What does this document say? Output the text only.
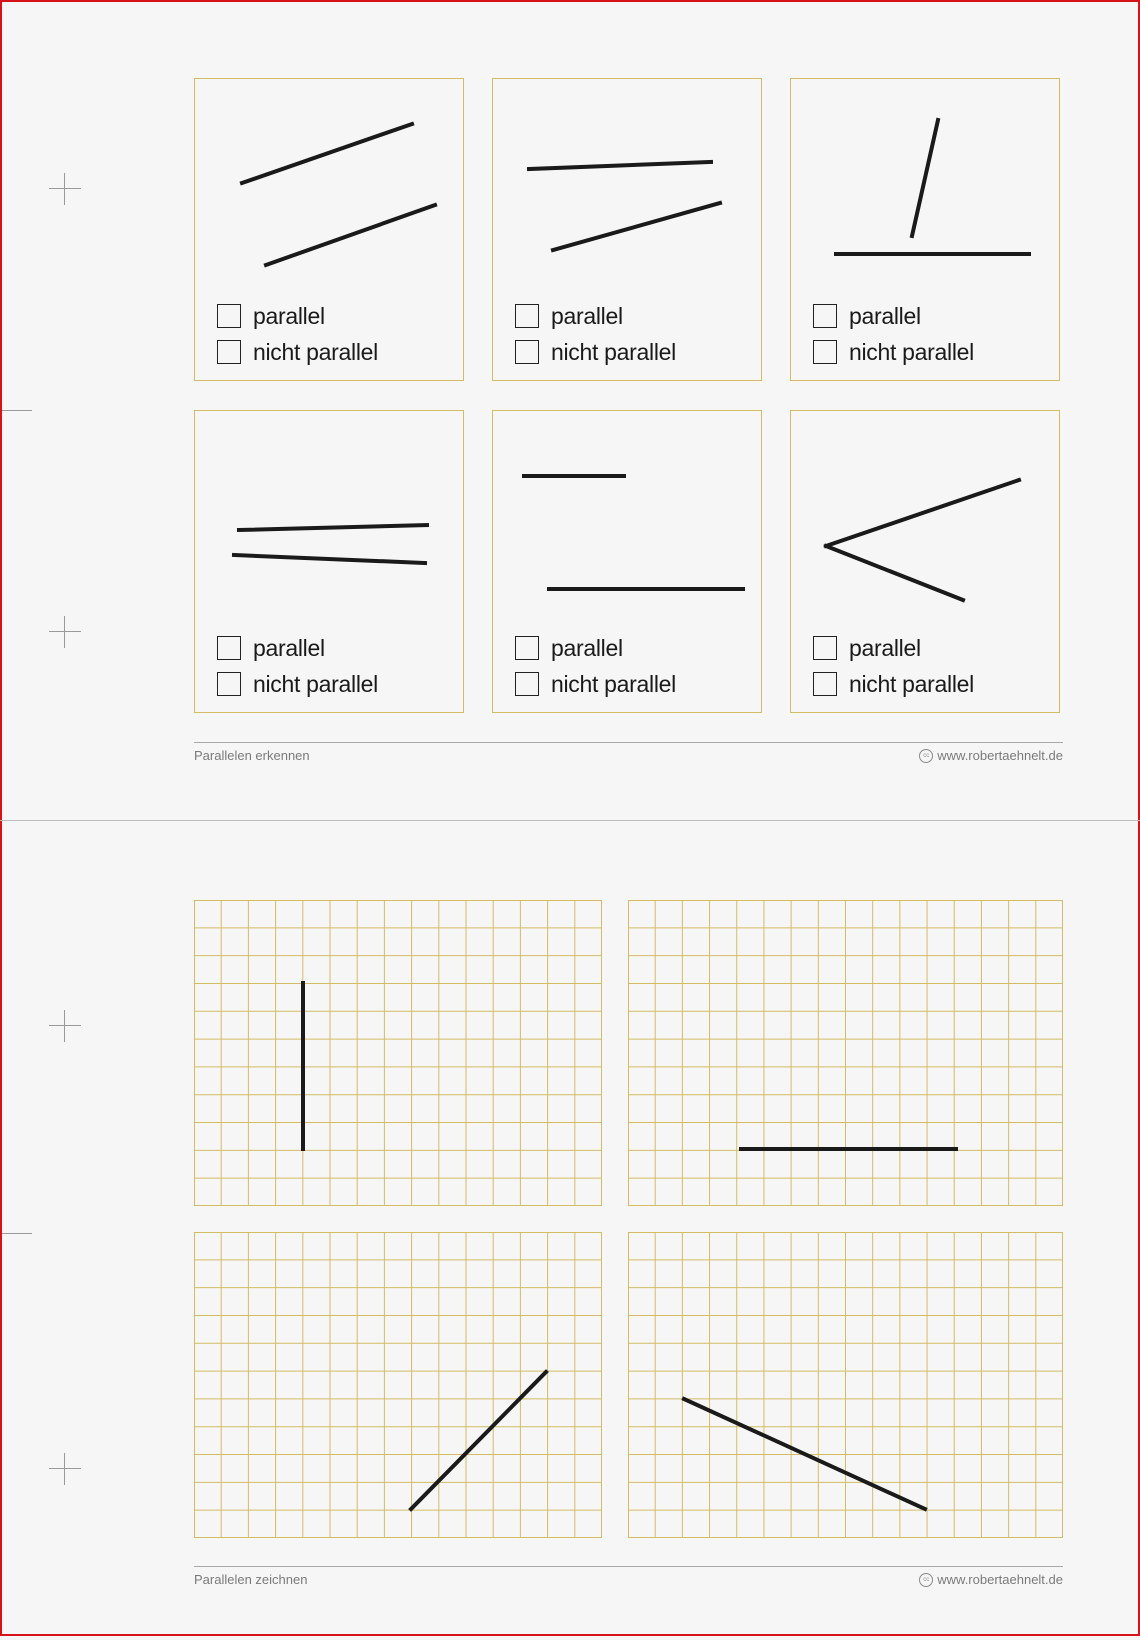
parallel
nicht parallel
parallel
nicht parallel
parallel
nicht parallel
parallel
nicht parallel
parallel
nicht parallel
parallel
nicht parallel
Parallelen erkennen	cc www.robertaehnelt.de
Parallelen zeichnen	cc www.robertaehnelt.de
